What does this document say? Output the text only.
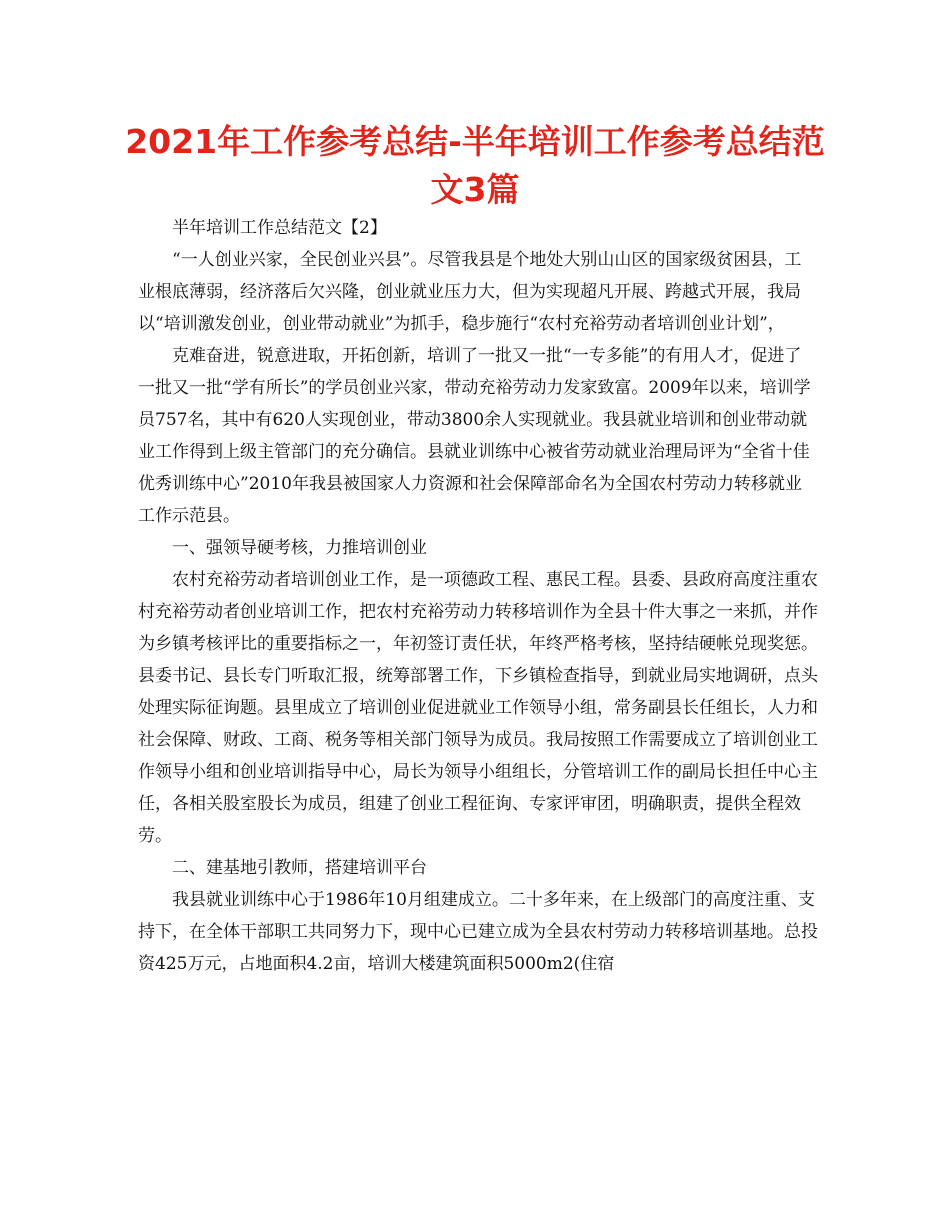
2021年工作参考总结-半年培训工作参考总结范
文3篇

半年培训工作总结范文【2】

“一人创业兴家，全民创业兴县”。尽管我县是个地处大别山山区的国家级贫困县，工业根底薄弱，经济落后欠兴隆，创业就业压力大，但为实现超凡开展、跨越式开展，我局以“培训激发创业，创业带动就业”为抓手，稳步施行“农村充裕劳动者培训创业计划”，

克难奋进，锐意进取，开拓创新，培训了一批又一批“一专多能”的有用人才，促进了一批又一批“学有所长”的学员创业兴家，带动充裕劳动力发家致富。2009年以来，培训学员757名，其中有620人实现创业，带动3800余人实现就业。我县就业培训和创业带动就业工作得到上级主管部门的充分确信。县就业训练中心被省劳动就业治理局评为“全省十佳优秀训练中心”2010年我县被国家人力资源和社会保障部命名为全国农村劳动力转移就业工作示范县。

一、强领导硬考核，力推培训创业

农村充裕劳动者培训创业工作，是一项德政工程、惠民工程。县委、县政府高度注重农村充裕劳动者创业培训工作，把农村充裕劳动力转移培训作为全县十件大事之一来抓，并作为乡镇考核评比的重要指标之一，年初签订责任状，年终严格考核，坚持结硬帐兑现奖惩。县委书记、县长专门听取汇报，统筹部署工作，下乡镇检查指导，到就业局实地调研，点头处理实际征询题。县里成立了培训创业促进就业工作领导小组，常务副县长任组长，人力和社会保障、财政、工商、税务等相关部门领导为成员。我局按照工作需要成立了培训创业工作领导小组和创业培训指导中心，局长为领导小组组长，分管培训工作的副局长担任中心主任，各相关股室股长为成员，组建了创业工程征询、专家评审团，明确职责，提供全程效劳。

二、建基地引教师，搭建培训平台

我县就业训练中心于1986年10月组建成立。二十多年来，在上级部门的高度注重、支持下，在全体干部职工共同努力下，现中心已建立成为全县农村劳动力转移培训基地。总投资425万元，占地面积4.2亩，培训大楼建筑面积5000m2(住宿
